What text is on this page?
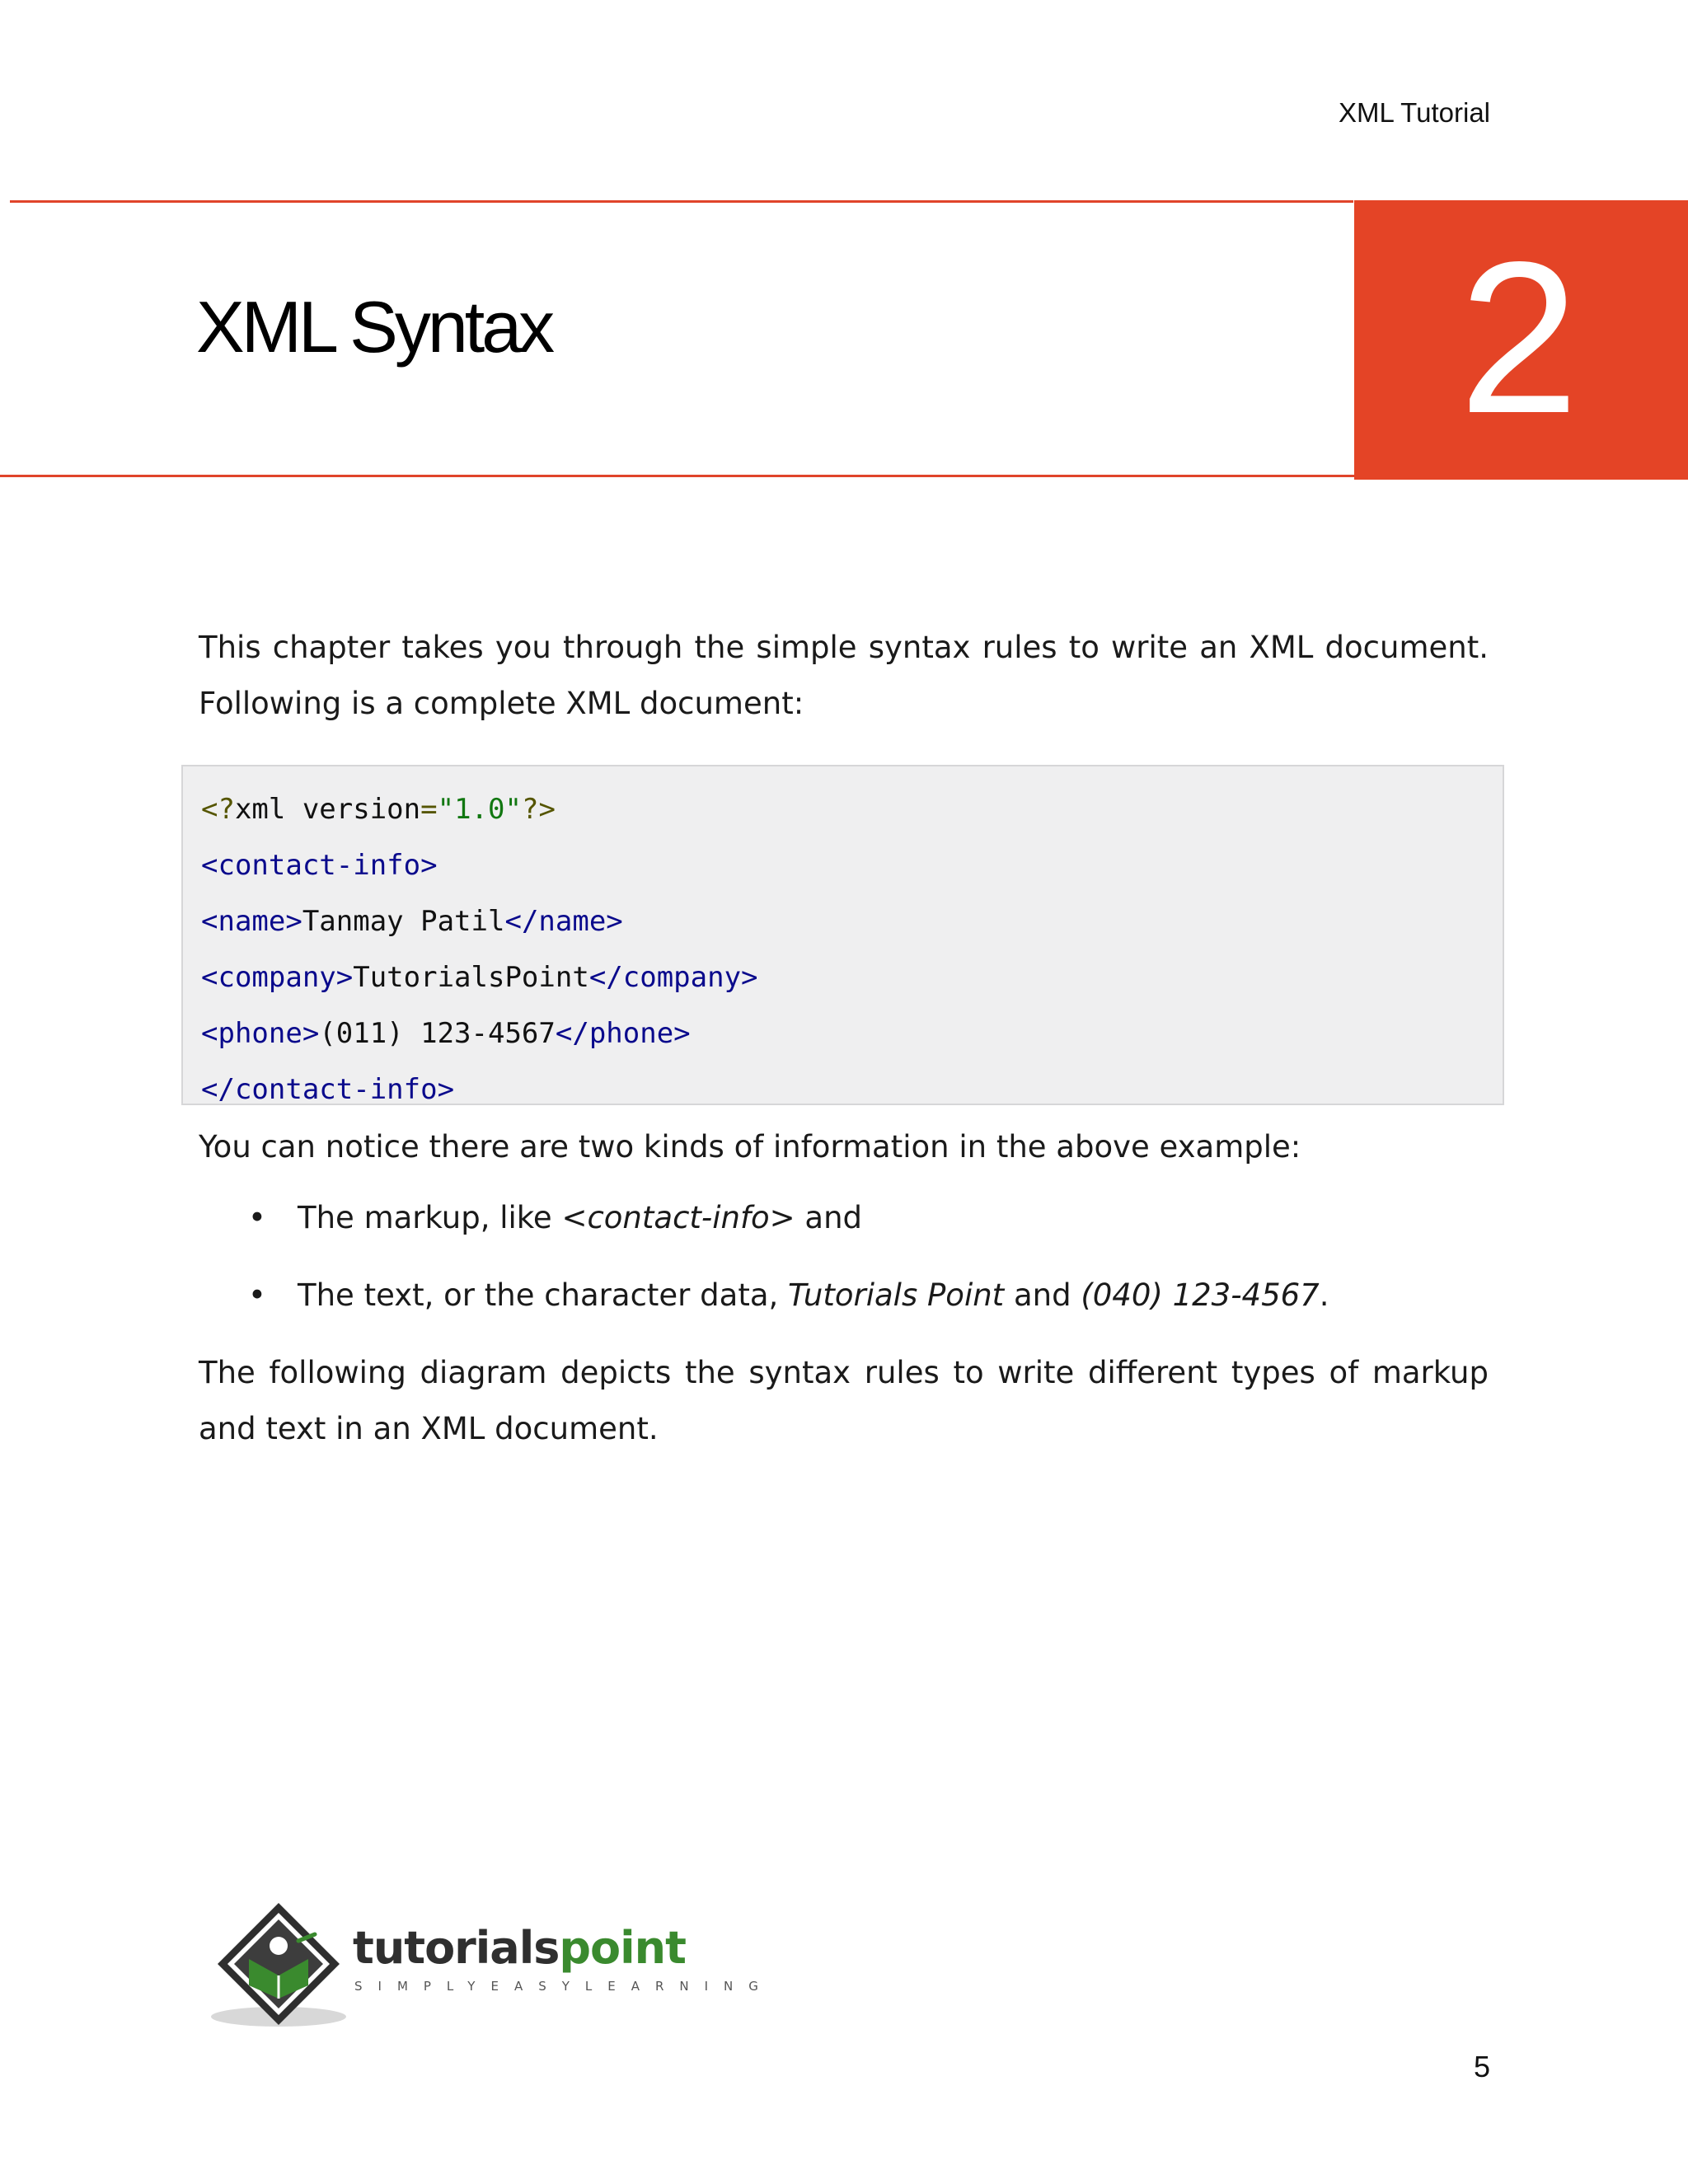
XML Tutorial
XML Syntax	2

This chapter takes you through the simple syntax rules to write an XML document. Following is a complete XML document:

<?xml version="1.0"?>
<contact-info>
<name>Tanmay Patil</name>
<company>TutorialsPoint</company>
<phone>(011) 123-4567</phone>
</contact-info>

You can notice there are two kinds of information in the above example:

• The markup, like <contact-info> and
• The text, or the character data, Tutorials Point and (040) 123-4567.

The following diagram depicts the syntax rules to write different types of markup and text in an XML document.

tutorialspoint
SIMPLYEASYLEARNING
5
